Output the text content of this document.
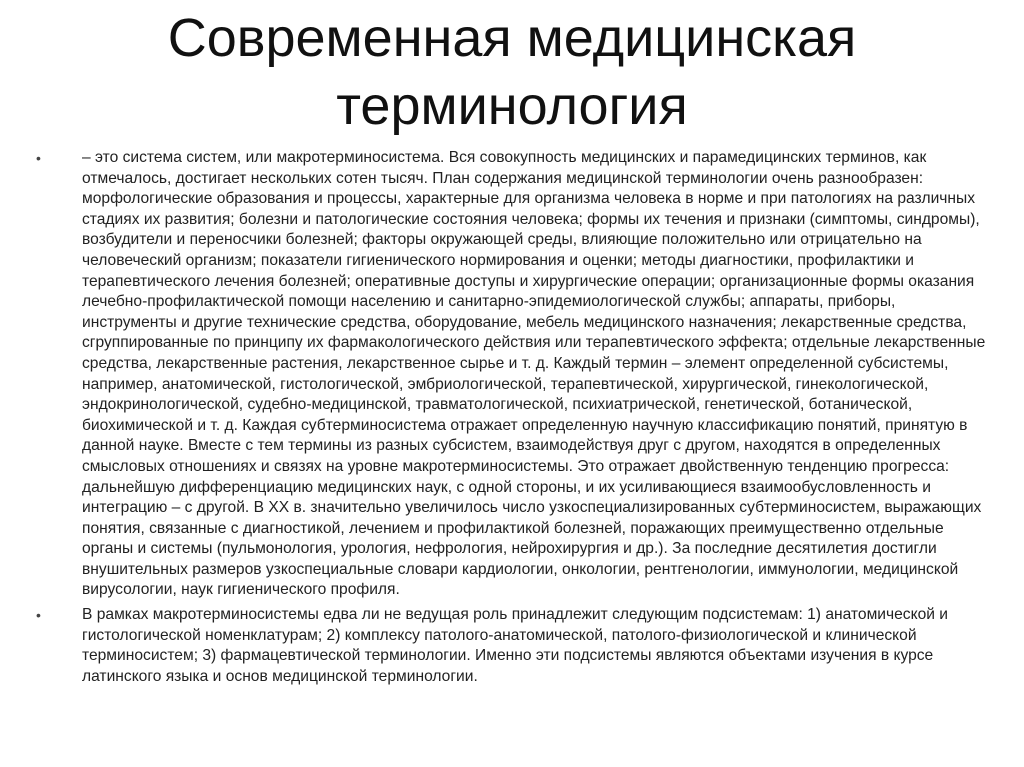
Современная медицинская терминология
•	– это система систем, или макротерминосистема. Вся совокупность медицинских и парамедицинских терминов, как отмечалось, достигает нескольких сотен тысяч. План содержания медицинской терминологии очень разнообразен: морфологические образования и процессы, характерные для организма человека в норме и при патологиях на различных стадиях их развития; болезни и патологические состояния человека; формы их течения и признаки (симптомы, синдромы), возбудители и переносчики болезней; факторы окружающей среды, влияющие положительно или отрицательно на человеческий организм; показатели гигиенического нормирования и оценки; методы диагностики, профилактики и терапевтического лечения болезней; оперативные доступы и хирургические операции; организационные формы оказания лечебно-профилактической помощи населению и санитарно-эпидемиологической службы; аппараты, приборы, инструменты и другие технические средства, оборудование, мебель медицинского назначения; лекарственные средства, сгруппированные по принципу их фармакологического действия или терапевтического эффекта; отдельные лекарственные средства, лекарственные растения, лекарственное сырье и т. д. Каждый термин – элемент определенной субсистемы, например, анатомической, гистологической, эмбриологической, терапевтической, хирургической, гинекологической, эндокринологической, судебно-медицинской, травматологической, психиатрической, генетической, ботанической, биохимической и т. д. Каждая субтерминосистема отражает определенную научную классификацию понятий, принятую в данной науке. Вместе с тем термины из разных субсистем, взаимодействуя друг с другом, находятся в определенных смысловых отношениях и связях на уровне макротерминосистемы. Это отражает двойственную тенденцию прогресса: дальнейшую дифференциацию медицинских наук, с одной стороны, и их усиливающиеся взаимообусловленность и интеграцию – с другой. В XX в. значительно увеличилось число узкоспециализированных субтерминосистем, выражающих понятия, связанные с диагностикой, лечением и профилактикой болезней, поражающих преимущественно отдельные органы и системы (пульмонология, урология, нефрология, нейрохирургия и др.). За последние десятилетия достигли внушительных размеров узкоспециальные словари кардиологии, онкологии, рентгенологии, иммунологии, медицинской вирусологии, наук гигиенического профиля.
•	В рамках макротерминосистемы едва ли не ведущая роль принадлежит следующим подсистемам: 1) анатомической и гистологической номенклатурам; 2) комплексу патолого-анатомической, патолого-физиологической и клинической терминосистем; 3) фармацевтической терминологии. Именно эти подсистемы являются объектами изучения в курсе латинского языка и основ медицинской терминологии.
